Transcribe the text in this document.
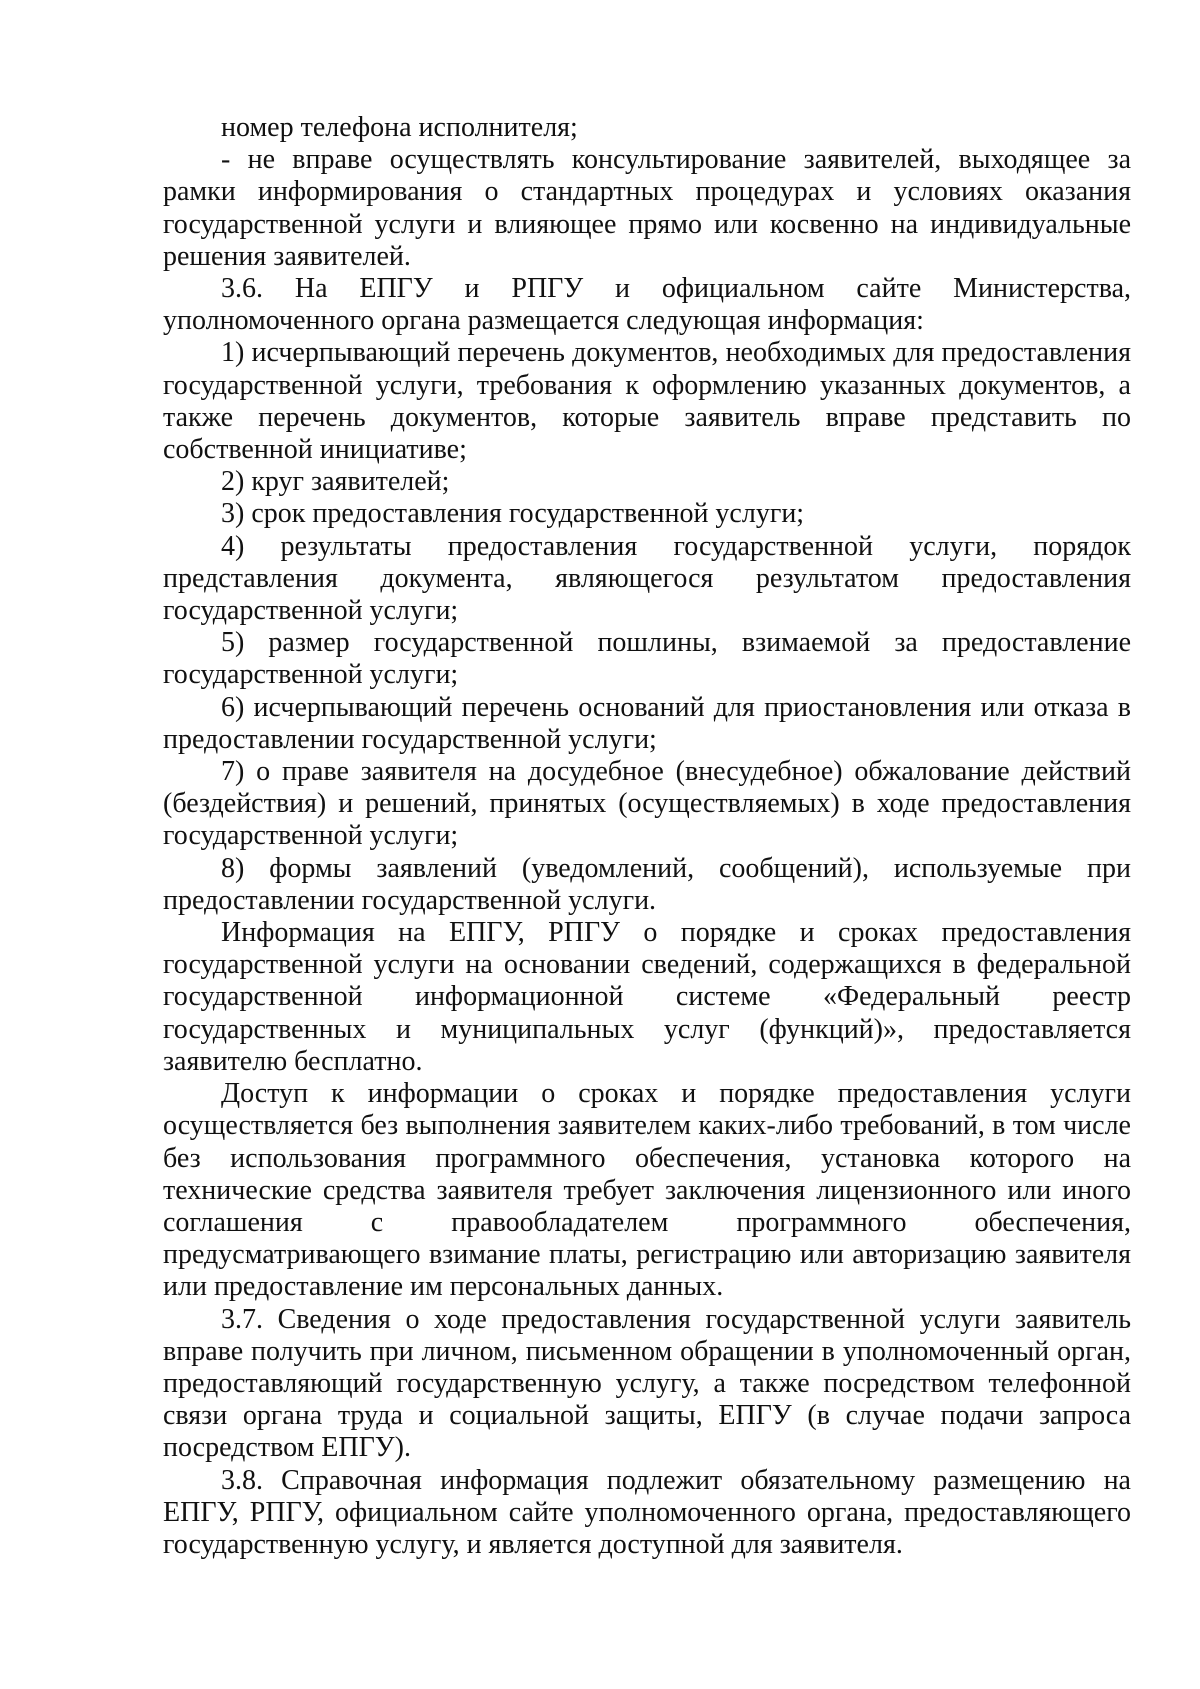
номер телефона исполнителя;

- не вправе осуществлять консультирование заявителей, выходящее за рамки информирования о стандартных процедурах и условиях оказания государственной услуги и влияющее прямо или косвенно на индивидуальные решения заявителей.

3.6. На ЕПГУ и РПГУ и официальном сайте Министерства, уполномоченного органа размещается следующая информация:

1) исчерпывающий перечень документов, необходимых для предоставления государственной услуги, требования к оформлению указанных документов, а также перечень документов, которые заявитель вправе представить по собственной инициативе;

2) круг заявителей;

3) срок предоставления государственной услуги;

4) результаты предоставления государственной услуги, порядок представления документа, являющегося результатом предоставления государственной услуги;

5) размер государственной пошлины, взимаемой за предоставление государственной услуги;

6) исчерпывающий перечень оснований для приостановления или отказа в предоставлении государственной услуги;

7) о праве заявителя на досудебное (внесудебное) обжалование действий (бездействия) и решений, принятых (осуществляемых) в ходе предоставления государственной услуги;

8) формы заявлений (уведомлений, сообщений), используемые при предоставлении государственной услуги.

Информация на ЕПГУ, РПГУ о порядке и сроках предоставления государственной услуги на основании сведений, содержащихся в федеральной государственной информационной системе «Федеральный реестр государственных и муниципальных услуг (функций)», предоставляется заявителю бесплатно.

Доступ к информации о сроках и порядке предоставления услуги осуществляется без выполнения заявителем каких-либо требований, в том числе без использования программного обеспечения, установка которого на технические средства заявителя требует заключения лицензионного или иного соглашения с правообладателем программного обеспечения, предусматривающего взимание платы, регистрацию или авторизацию заявителя или предоставление им персональных данных.

3.7. Сведения о ходе предоставления государственной услуги заявитель вправе получить при личном, письменном обращении в уполномоченный орган, предоставляющий государственную услугу, а также посредством телефонной связи органа труда и социальной защиты, ЕПГУ (в случае подачи запроса посредством ЕПГУ).

3.8. Справочная информация подлежит обязательному размещению на ЕПГУ, РПГУ, официальном сайте уполномоченного органа, предоставляющего государственную услугу, и является доступной для заявителя.
